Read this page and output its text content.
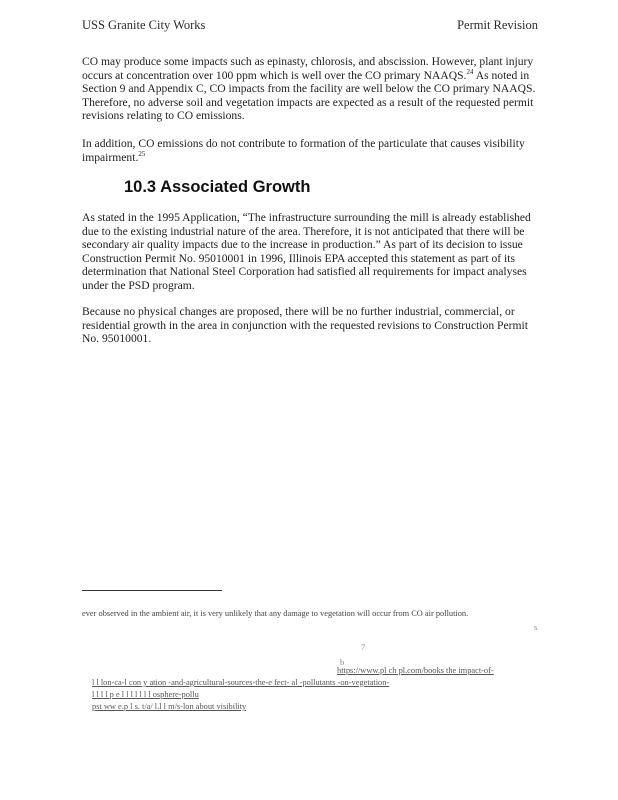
USS Granite City Works	Permit Revision

CO may produce some impacts such as epinasty, chlorosis, and abscission. However, plant injury occurs at concentration over 100 ppm which is well over the CO primary NAAQS.$^{24}$ As noted in Section 9 and Appendix C, CO impacts from the facility are well below the CO primary NAAQS. Therefore, no adverse soil and vegetation impacts are expected as a result of the requested permit revisions relating to CO emissions.

In addition, CO emissions do not contribute to formation of the particulate that causes visibility impairment.$^{25}$

10.3 Associated Growth

As stated in the 1995 Application, “The infrastructure surrounding the mill is already established due to the existing industrial nature of the area. Therefore, it is not anticipated that there will be secondary air quality impacts due to the increase in production.” As part of its decision to issue Construction Permit No. 95010001 in 1996, Illinois EPA accepted this statement as part of its determination that National Steel Corporation had satisfied all requirements for impact analyses under the PSD program.

Because no physical changes are proposed, there will be no further industrial, commercial, or residential growth in the area in conjunction with the requested revisions to Construction Permit No. 95010001.

ever observed in the ambient air, it is very unlikely that any damage to vegetation will occur from CO air pollution.
s
7
b
https://www.pl ch pl.com/books the impact-of-
l l lon-ca-l con y ation -and-agricultural-sources-the-e fect- al -pollutants -on-vegetation-
l l l l p e l l l l l l l osphere-pollu
pst ww e.p l s. t/a/ l.l l m/s-lon about visibility
